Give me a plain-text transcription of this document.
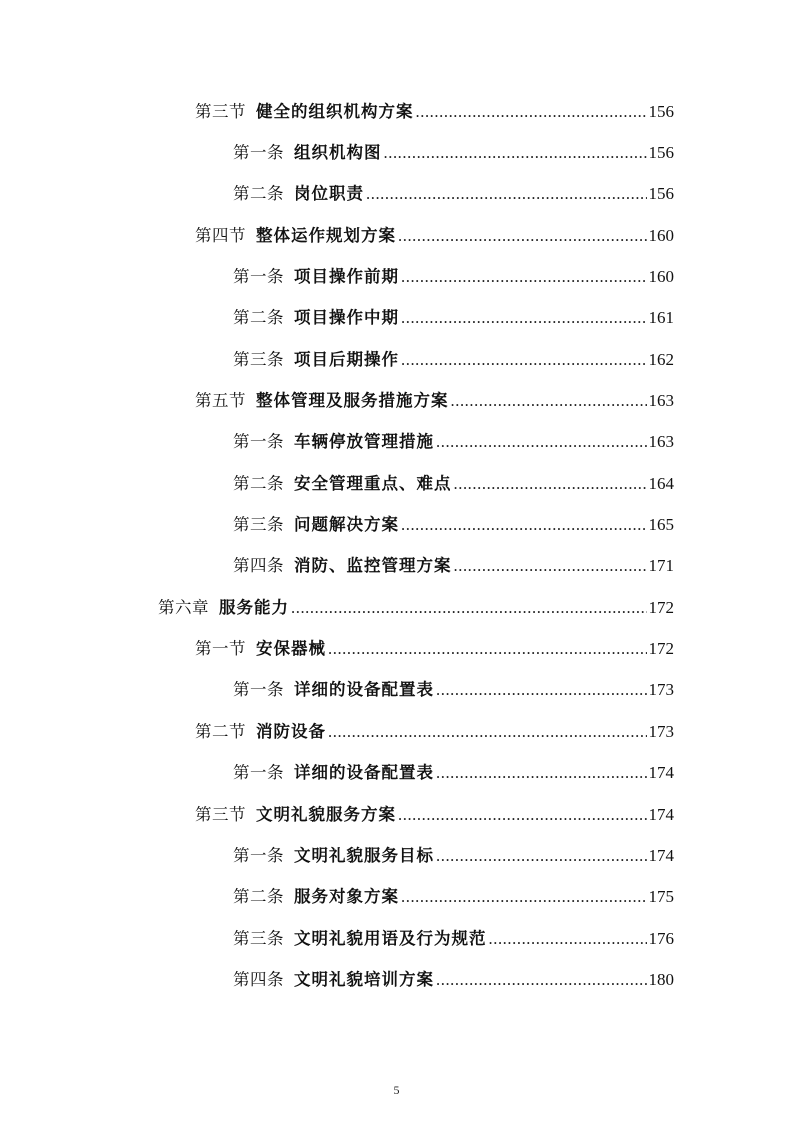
第三节 健全的组织机构方案 .....	156
第一条 组织机构图 .....	156
第二条 岗位职责 .....	156
第四节 整体运作规划方案 .....	160
第一条 项目操作前期 .....	160
第二条 项目操作中期 .....	161
第三条 项目后期操作 .....	162
第五节 整体管理及服务措施方案 .....	163
第一条 车辆停放管理措施 .....	163
第二条 安全管理重点、难点 .....	164
第三条 问题解决方案 .....	165
第四条 消防、监控管理方案 .....	171
第六章 服务能力 .....	172
第一节 安保器械 .....	172
第一条 详细的设备配置表 .....	173
第二节 消防设备 .....	173
第一条 详细的设备配置表 .....	174
第三节 文明礼貌服务方案 .....	174
第一条 文明礼貌服务目标 .....	174
第二条 服务对象方案 .....	175
第三条 文明礼貌用语及行为规范 .....	176
第四条 文明礼貌培训方案 .....	180
5
